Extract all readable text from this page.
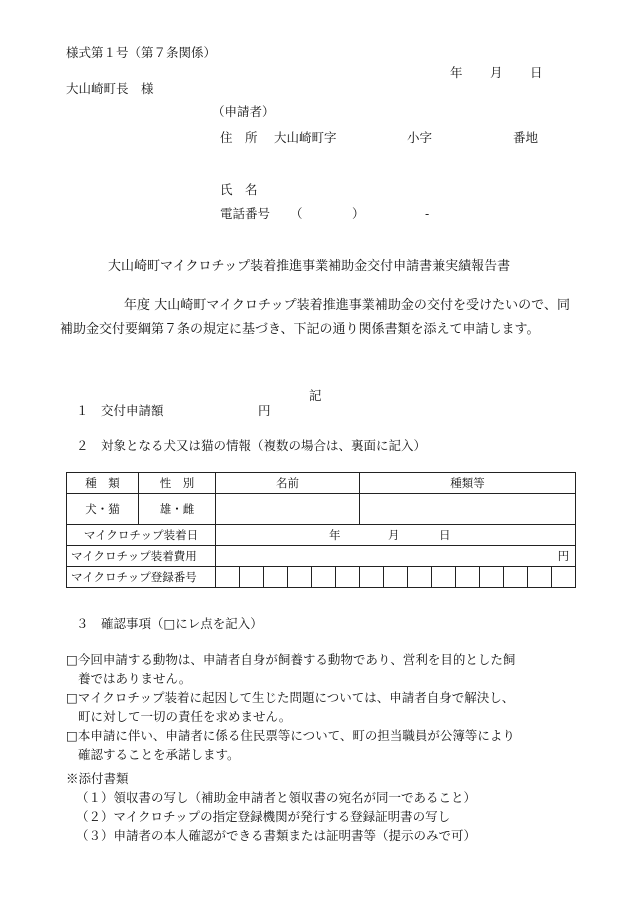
様式第１号（第７条関係）
年 月 日
大山崎町長　様
（申請者）
住　所 大山崎町字	小字	番地
氏　名
電話番号 （	）	-
大山崎町マイクロチップ装着推進事業補助金交付申請書兼実績報告書
年度 大山崎町マイクロチップ装着推進事業補助金の交付を受けたいので、同補助金交付要綱第７条の規定に基づき、下記の通り関係書類を添えて申請します。
記
１　交付申請額	円
２　対象となる犬又は猫の情報（複数の場合は、裏面に記入）
種　類	性　別	名前						種類等								
犬・猫	雄・雌															
マイクロチップ装着日		年 月 日														

マイクロチップ装着費用		円														

マイクロチップ登録番号																
３　確認事項（□にレ点を記入）
□今回申請する動物は、申請者自身が飼養する動物であり、営利を目的とした飼
養ではありません。
□マイクロチップ装着に起因して生じた問題については、申請者自身で解決し、
町に対して一切の責任を求めません。
□本申請に伴い、申請者に係る住民票等について、町の担当職員が公簿等により
確認することを承諾します。
※添付書類
（１）領収書の写し（補助金申請者と領収書の宛名が同一であること）
（２）マイクロチップの指定登録機関が発行する登録証明書の写し
（３）申請者の本人確認ができる書類または証明書等（提示のみで可）
